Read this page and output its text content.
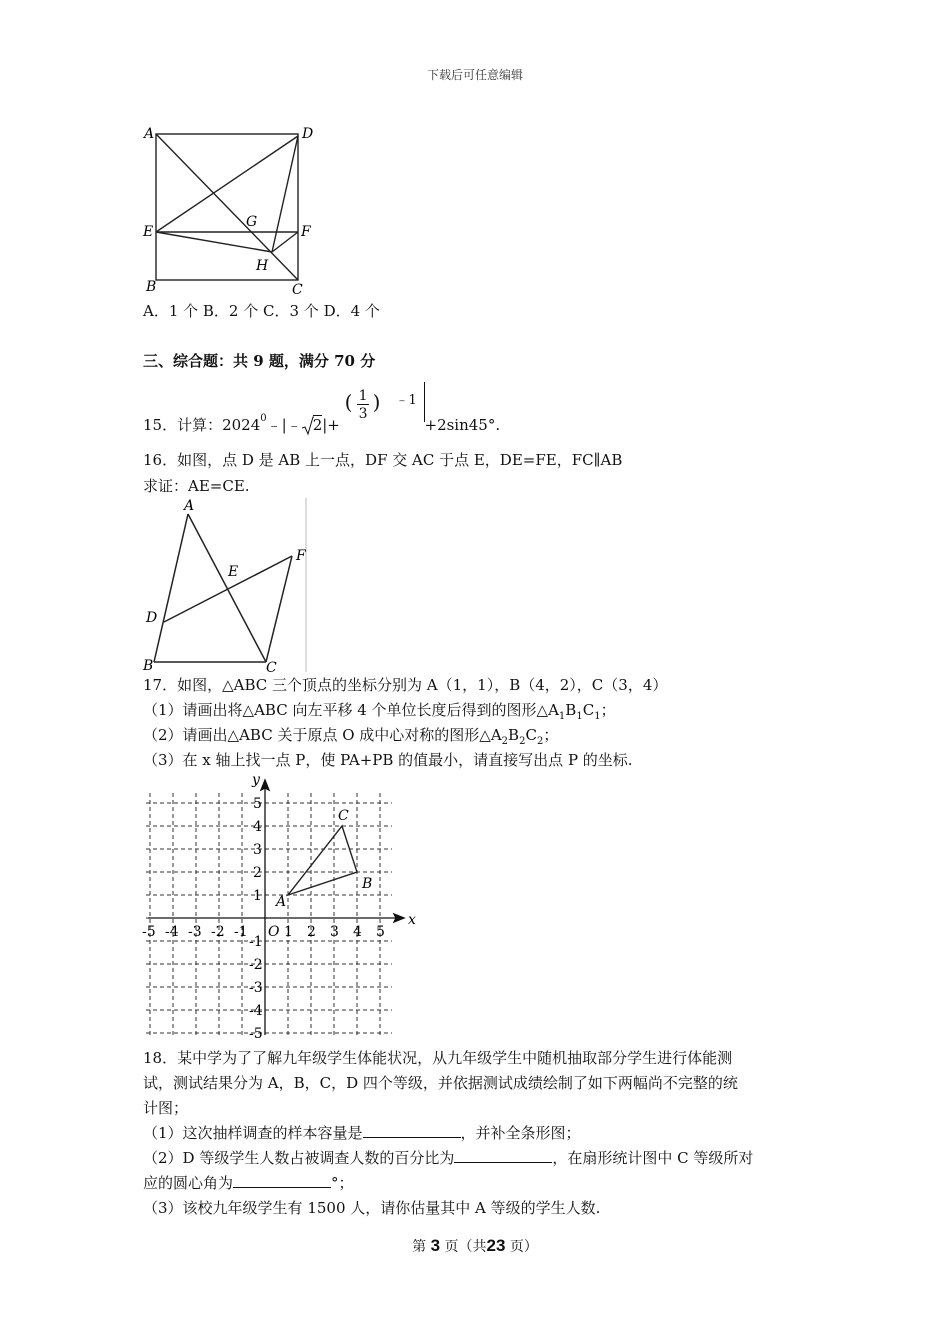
下载后可任意编辑
A	D
E
G
F
H
B	C
A．1 个 B．2 个 C．3 个 D．4 个
三、综合题：共 9 题，满分 70 分
15．计算：2024$^0$﹣|﹣ 2|+
( 1
3 ) ﹣1 +2sin45°.
16．如图，点 D 是 AB 上一点，DF 交 AC 于点 E，DE=FE，FC∥AB
求证：AE=CE.
A
E
F
D
B	C
17．如图，△ABC 三个顶点的坐标分别为 A（1，1），B（4，2），C（3，4）
（1）请画出将△ABC 向左平移 4 个单位长度后得到的图形$\triangle A_1B_1C_1$；
（2）请画出△ABC 关于原点 O 成中心对称的图形$\triangle A_2B_2C_2$；
（3）在 x 轴上找一点 P，使 PA+PB 的值最小，请直接写出点 P 的坐标.
-5 -4 -3 -2 -1	1 2 3 4 5
5
4
3
2
1
-1
-2
-3
-4
-5
x
y
O
A
B
C
18．某中学为了了解九年级学生体能状况，从九年级学生中随机抽取部分学生进行体能测
试，测试结果分为 A，B，C，D 四个等级，并依据测试成绩绘制了如下两幅尚不完整的统
计图；
（1）这次抽样调查的样本容量是	，并补全条形图；
（2）D 等级学生人数占被调查人数的百分比为	，在扇形统计图中 C 等级所对
应的圆心角为	°；
（3）该校九年级学生有 1500 人，请你估量其中 A 等级的学生人数.
第 3 页（共23 页）
